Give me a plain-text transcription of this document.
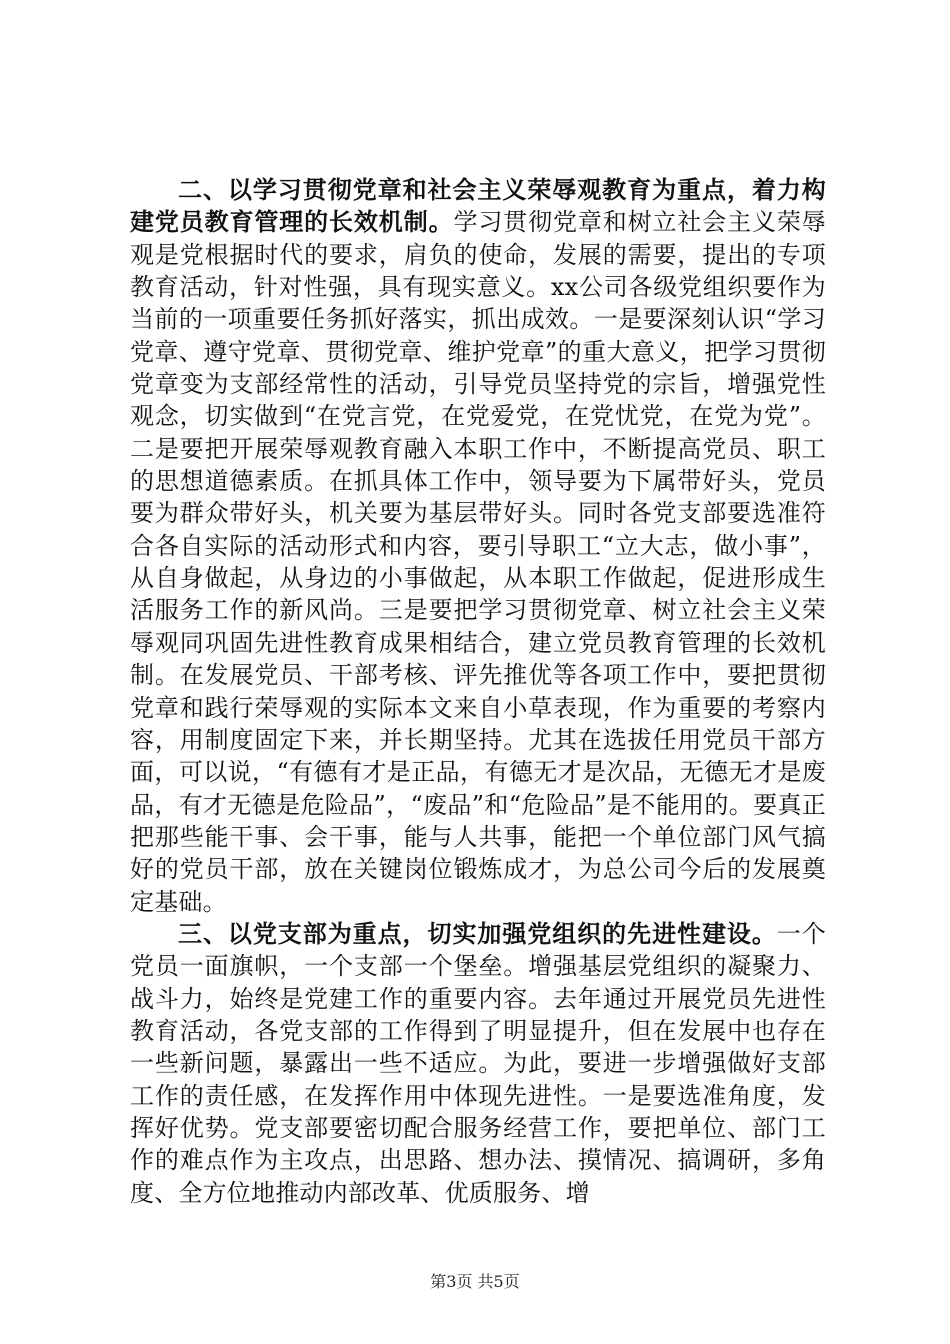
二、以学习贯彻党章和社会主义荣辱观教育为重点，着力构建党员教育管理的长效机制。学习贯彻党章和树立社会主义荣辱观是党根据时代的要求，肩负的使命，发展的需要，提出的专项教育活动，针对性强，具有现实意义。xx公司各级党组织要作为当前的一项重要任务抓好落实，抓出成效。一是要深刻认识“学习党章、遵守党章、贯彻党章、维护党章”的重大意义，把学习贯彻党章变为支部经常性的活动，引导党员坚持党的宗旨，增强党性观念，切实做到“在党言党，在党爱党，在党忧党，在党为党”。二是要把开展荣辱观教育融入本职工作中，不断提高党员、职工的思想道德素质。在抓具体工作中，领导要为下属带好头，党员要为群众带好头，机关要为基层带好头。同时各党支部要选准符合各自实际的活动形式和内容，要引导职工“立大志，做小事”，从自身做起，从身边的小事做起，从本职工作做起，促进形成生活服务工作的新风尚。三是要把学习贯彻党章、树立社会主义荣辱观同巩固先进性教育成果相结合，建立党员教育管理的长效机制。在发展党员、干部考核、评先推优等各项工作中，要把贯彻党章和践行荣辱观的实际本文来自小草表现，作为重要的考察内容，用制度固定下来，并长期坚持。尤其在选拔任用党员干部方面，可以说，“有德有才是正品，有德无才是次品，无德无才是废品，有才无德是危险品”，“废品”和“危险品”是不能用的。要真正把那些能干事、会干事，能与人共事，能把一个单位部门风气搞好的党员干部，放在关键岗位锻炼成才，为总公司今后的发展奠定基础。

三、以党支部为重点，切实加强党组织的先进性建设。一个党员一面旗帜，一个支部一个堡垒。增强基层党组织的凝聚力、战斗力，始终是党建工作的重要内容。去年通过开展党员先进性教育活动，各党支部的工作得到了明显提升，但在发展中也存在一些新问题，暴露出一些不适应。为此，要进一步增强做好支部工作的责任感，在发挥作用中体现先进性。一是要选准角度，发挥好优势。党支部要密切配合服务经营工作，要把单位、部门工作的难点作为主攻点，出思路、想办法、摸情况、搞调研，多角度、全方位地推动内部改革、优质服务、增

第3页 共5页
